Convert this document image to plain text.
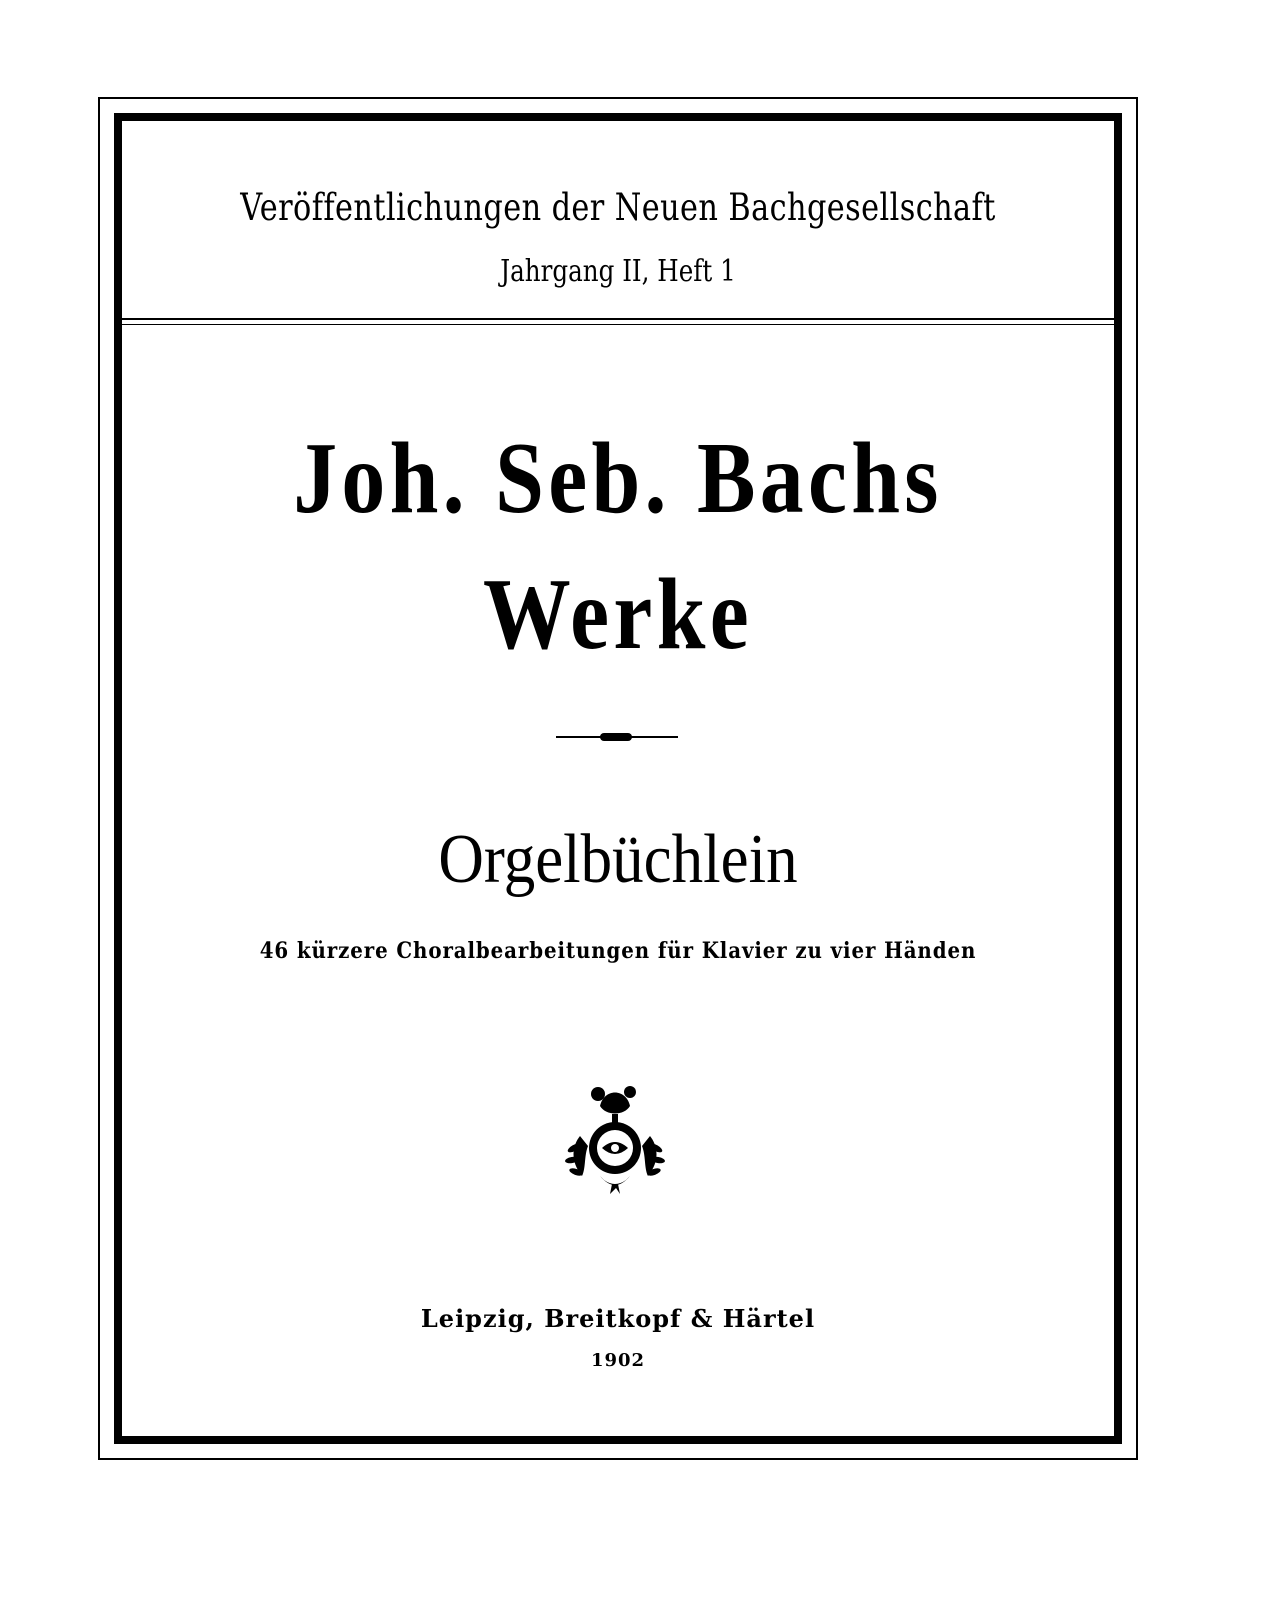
Veröffentlichungen der Neuen Bachgesellschaft
Jahrgang II, Heft 1
Joh. Seb. Bachs
Werke
Orgelbüchlein
46 kürzere Choralbearbeitungen für Klavier zu vier Händen
Leipzig, Breitkopf & Härtel
1902
